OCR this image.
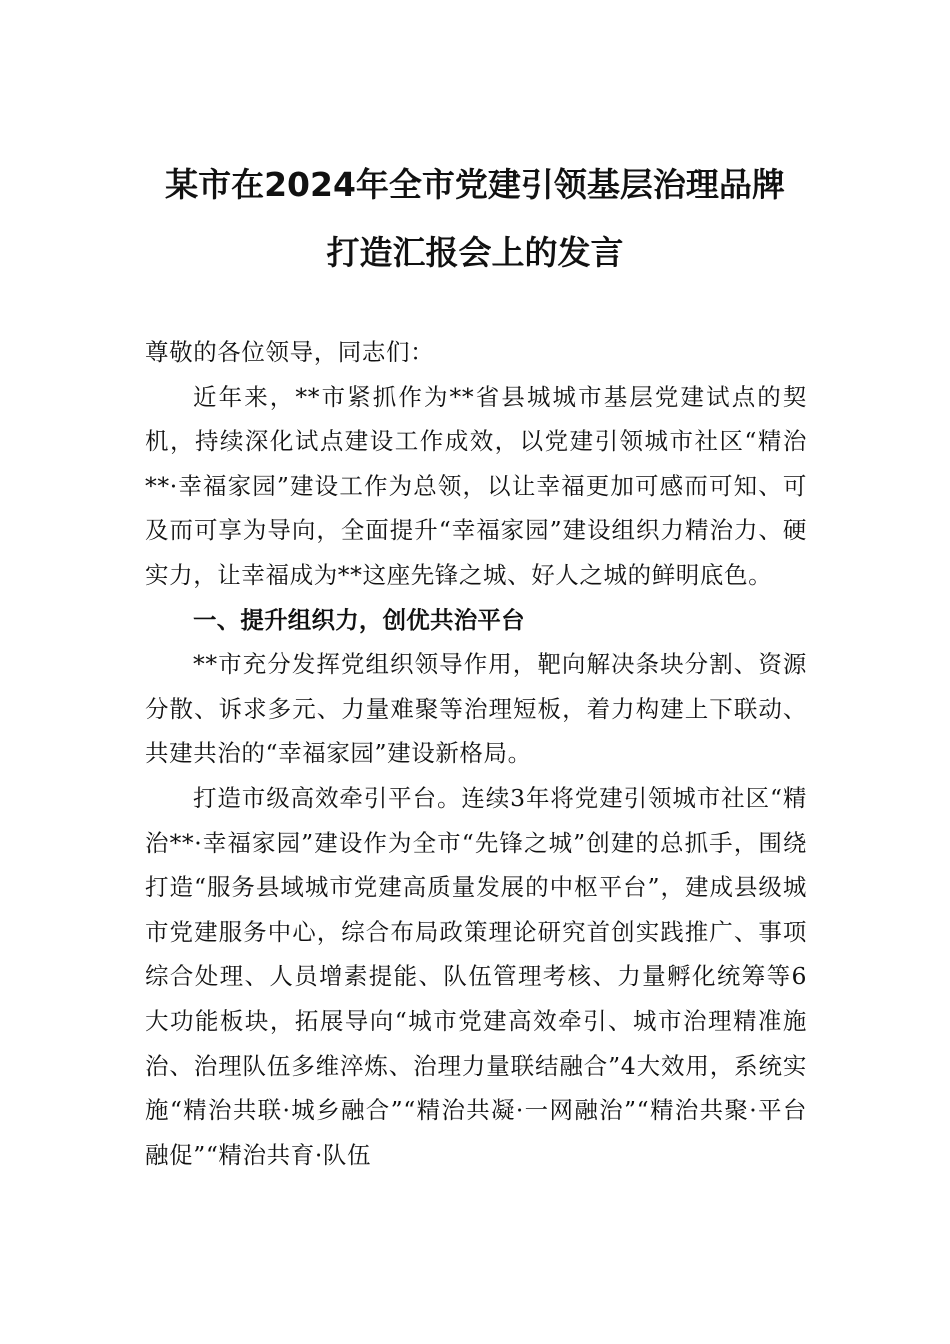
某市在2024年全市党建引领基层治理品牌
打造汇报会上的发言

尊敬的各位领导，同志们：

近年来，**市紧抓作为**省县城城市基层党建试点的契机，持续深化试点建设工作成效，以党建引领城市社区“精治**·幸福家园”建设工作为总领，以让幸福更加可感而可知、可及而可享为导向，全面提升“幸福家园”建设组织力精治力、硬实力，让幸福成为**这座先锋之城、好人之城的鲜明底色。

一、提升组织力，创优共治平台

**市充分发挥党组织领导作用，靶向解决条块分割、资源分散、诉求多元、力量难聚等治理短板，着力构建上下联动、共建共治的“幸福家园”建设新格局。

打造市级高效牵引平台。连续3年将党建引领城市社区“精治**·幸福家园”建设作为全市“先锋之城”创建的总抓手，围绕打造“服务县域城市党建高质量发展的中枢平台”，建成县级城市党建服务中心，综合布局政策理论研究首创实践推广、事项综合处理、人员增素提能、队伍管理考核、力量孵化统筹等6大功能板块，拓展导向“城市党建高效牵引、城市治理精准施治、治理队伍多维淬炼、治理力量联结融合”4大效用，系统实施“精治共联·城乡融合”“精治共凝·一网融治”“精治共聚·平台融促”“精治共育·队伍
